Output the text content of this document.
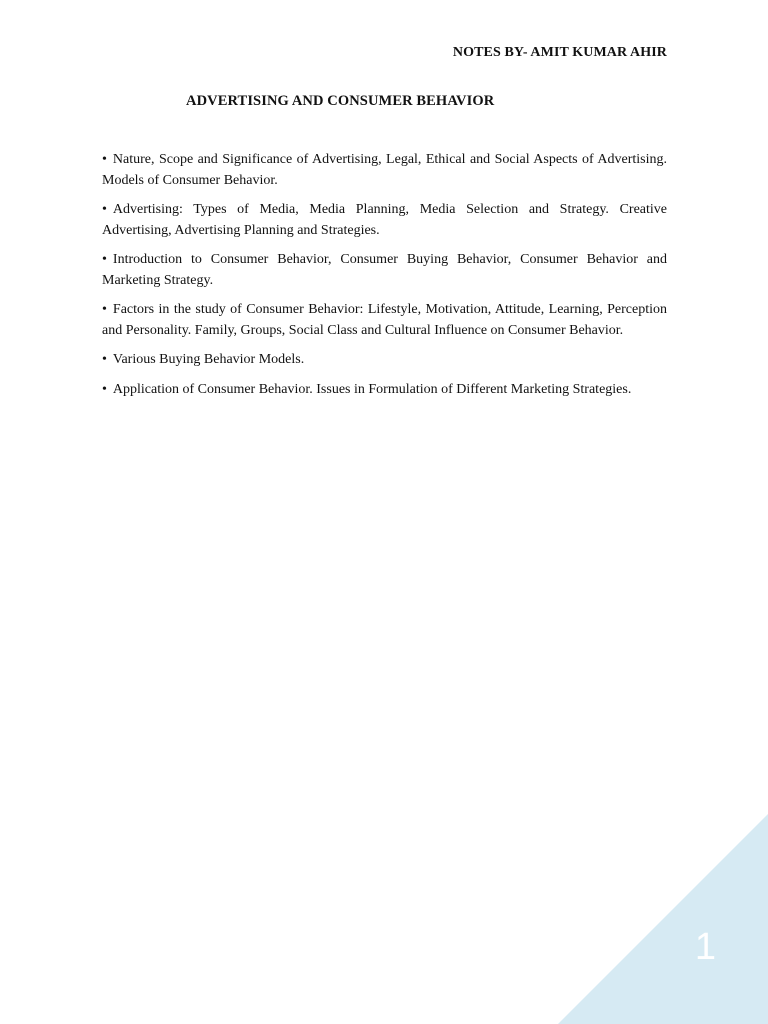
NOTES BY- AMIT KUMAR AHIR
ADVERTISING AND CONSUMER BEHAVIOR
• Nature, Scope and Significance of Advertising, Legal, Ethical and Social Aspects of Advertising. Models of Consumer Behavior.
• Advertising: Types of Media, Media Planning, Media Selection and Strategy. Creative Advertising, Advertising Planning and Strategies.
• Introduction to Consumer Behavior, Consumer Buying Behavior, Consumer Behavior and Marketing Strategy.
• Factors in the study of Consumer Behavior: Lifestyle, Motivation, Attitude, Learning, Perception and Personality. Family, Groups, Social Class and Cultural Influence on Consumer Behavior.
• Various Buying Behavior Models.
• Application of Consumer Behavior. Issues in Formulation of Different Marketing Strategies.
1
